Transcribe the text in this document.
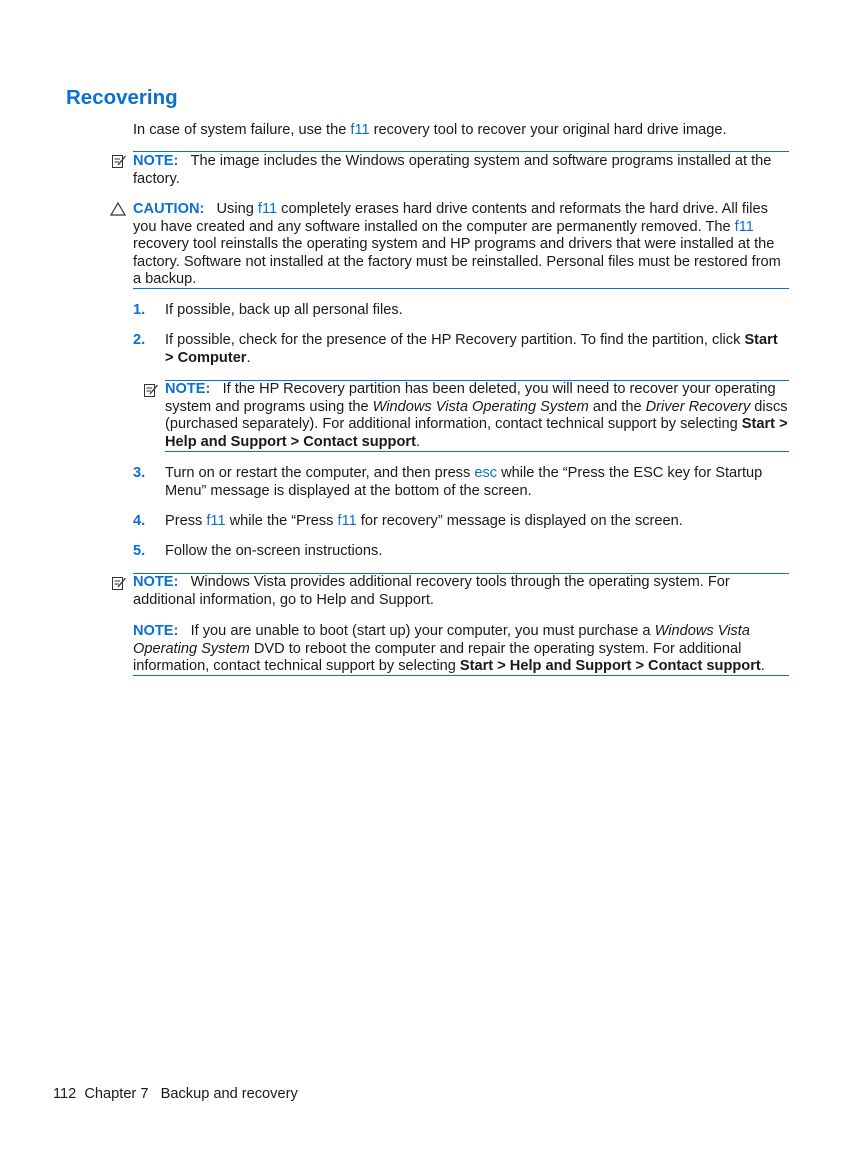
Recovering

In case of system failure, use the f11 recovery tool to recover your original hard drive image.

NOTE: The image includes the Windows operating system and software programs installed at the factory.

CAUTION: Using f11 completely erases hard drive contents and reformats the hard drive. All files you have created and any software installed on the computer are permanently removed. The f11 recovery tool reinstalls the operating system and HP programs and drivers that were installed at the factory. Software not installed at the factory must be reinstalled. Personal files must be restored from a backup.

1. If possible, back up all personal files.

2. If possible, check for the presence of the HP Recovery partition. To find the partition, click Start > Computer.

NOTE: If the HP Recovery partition has been deleted, you will need to recover your operating system and programs using the Windows Vista Operating System and the Driver Recovery discs (purchased separately). For additional information, contact technical support by selecting Start > Help and Support > Contact support.

3. Turn on or restart the computer, and then press esc while the “Press the ESC key for Startup Menu” message is displayed at the bottom of the screen.

4. Press f11 while the “Press f11 for recovery” message is displayed on the screen.

5. Follow the on-screen instructions.

NOTE: Windows Vista provides additional recovery tools through the operating system. For additional information, go to Help and Support.

NOTE: If you are unable to boot (start up) your computer, you must purchase a Windows Vista Operating System DVD to reboot the computer and repair the operating system. For additional information, contact technical support by selecting Start > Help and Support > Contact support.

112 Chapter 7 Backup and recovery
